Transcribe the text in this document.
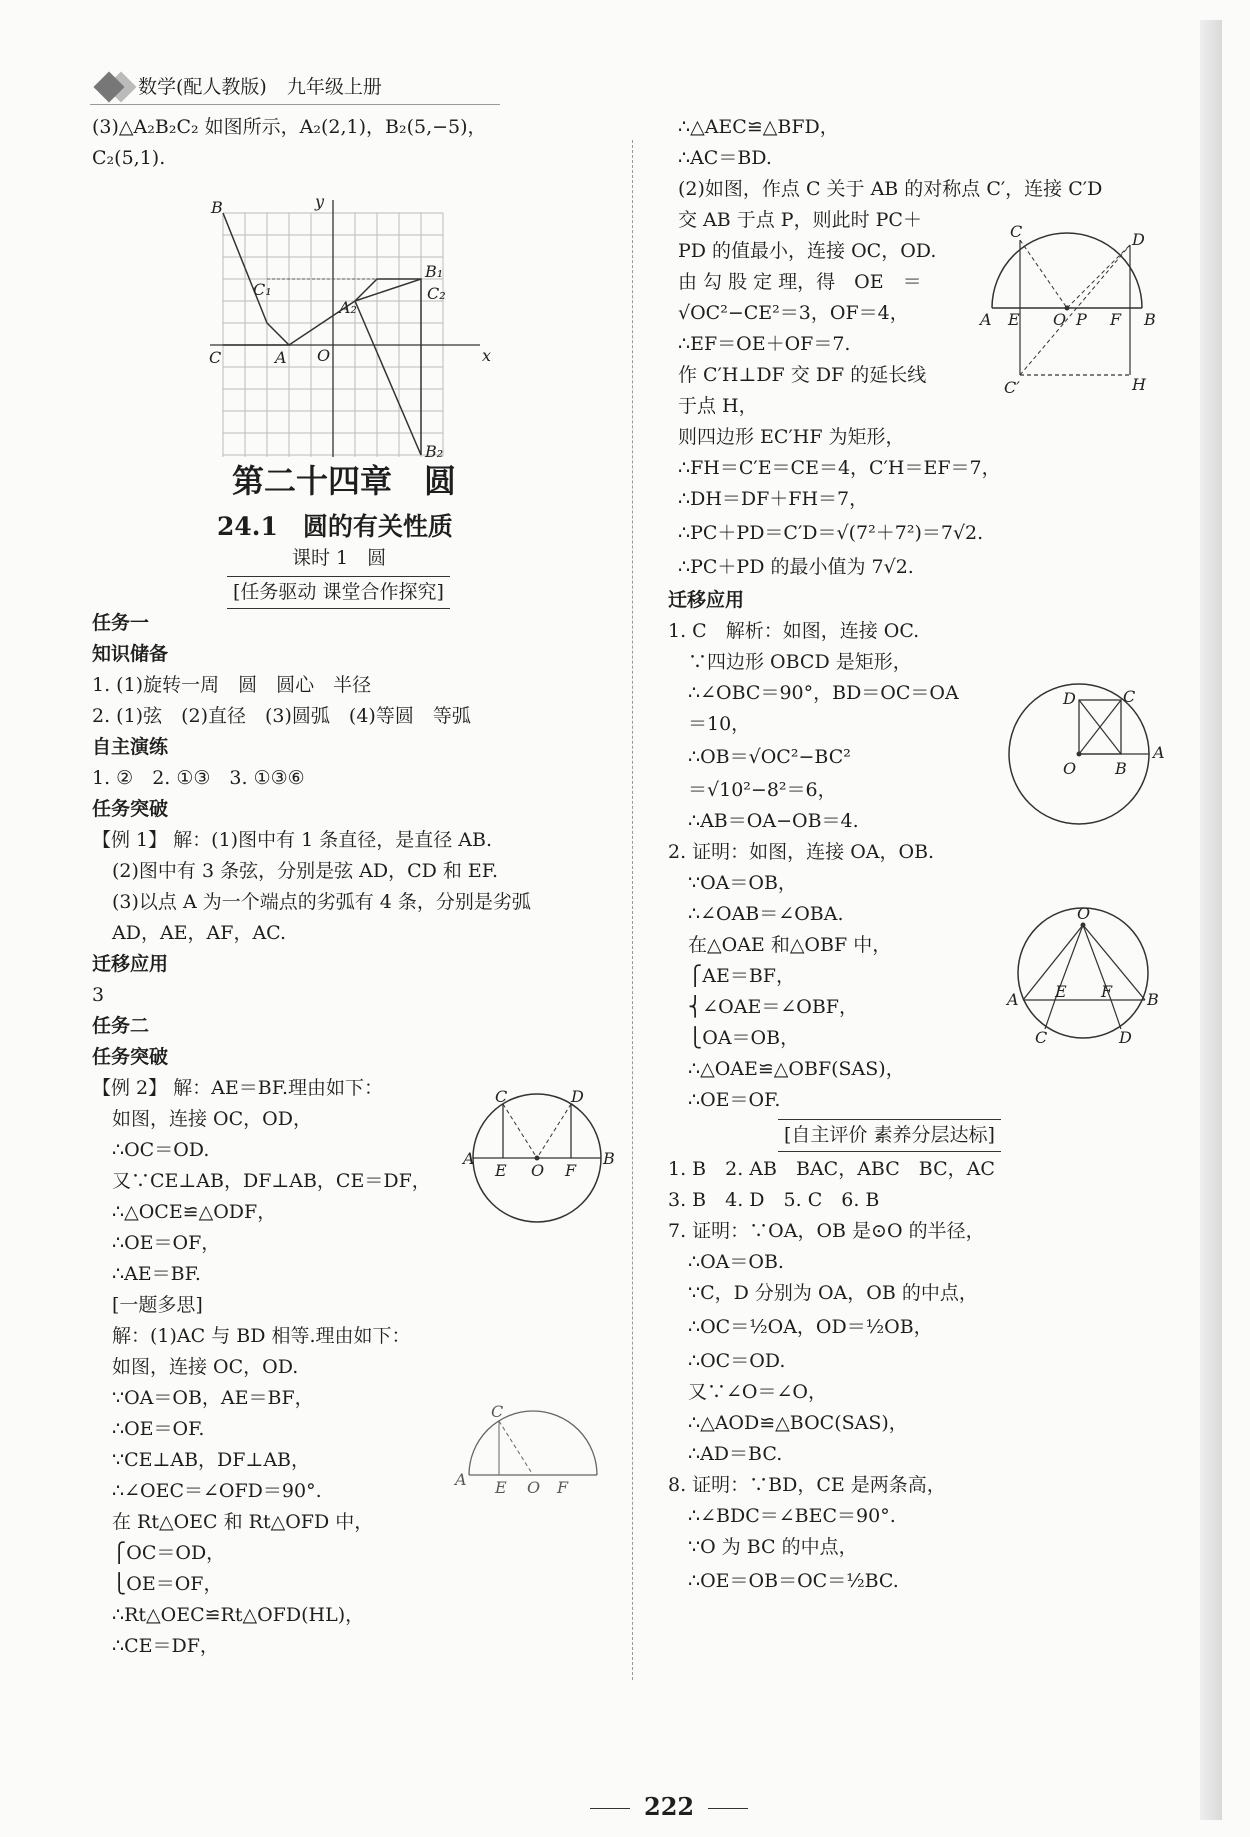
数学(配人教版) 九年级上册
(3)△A₂B₂C₂ 如图所示，A₂(2,1)，B₂(5,−5)，
C₂(5,1).
第二十四章　圆
24.1　圆的有关性质
课时 1　圆
[任务驱动 课堂合作探究]
任务一
知识储备
1. (1)旋转一周　圆　圆心　半径
2. (1)弦　(2)直径　(3)圆弧　(4)等圆　等弧
自主演练
1. ②　2. ①③　3. ①③⑥
任务突破
【例 1】 解：(1)图中有 1 条直径，是直径 AB.
(2)图中有 3 条弦，分别是弦 AD，CD 和 EF.
(3)以点 A 为一个端点的劣弧有 4 条，分别是劣弧
AD，AE，AF，AC.
迁移应用
3
任务二
任务突破
【例 2】 解：AE＝BF.理由如下：
如图，连接 OC，OD，
∴OC＝OD.
又∵CE⊥AB，DF⊥AB，CE＝DF，
∴△OCE≌△ODF，
∴OE＝OF，
∴AE＝BF.
[一题多思]
解：(1)AC 与 BD 相等.理由如下：
如图，连接 OC，OD.
∵OA＝OB，AE＝BF，
∴OE＝OF.
∵CE⊥AB，DF⊥AB，
∴∠OEC＝∠OFD＝90°.
在 Rt△OEC 和 Rt△OFD 中，
⎧OC＝OD，
⎩OE＝OF，
∴Rt△OEC≌Rt△OFD(HL)，
∴CE＝DF，
∴△AEC≌△BFD，
∴AC＝BD.
(2)如图，作点 C 关于 AB 的对称点 C′，连接 C′D
交 AB 于点 P，则此时 PC＋
PD 的值最小，连接 OC，OD.
由 勾 股 定 理，得　OE　＝
√OC²−CE²＝3，OF＝4，
∴EF＝OE＋OF＝7.
作 C′H⊥DF 交 DF 的延长线
于点 H，
则四边形 EC′HF 为矩形，
∴FH＝C′E＝CE＝4，C′H＝EF＝7，
∴DH＝DF＋FH＝7，
∴PC＋PD＝C′D＝√(7²＋7²)＝7√2.
∴PC＋PD 的最小值为 7√2.
迁移应用
1. C　解析：如图，连接 OC.
∵四边形 OBCD 是矩形，
∴∠OBC＝90°，BD＝OC＝OA
＝10，
∴OB＝√OC²−BC²
＝√10²−8²＝6，
∴AB＝OA−OB＝4.
2. 证明：如图，连接 OA，OB.
∵OA＝OB，
∴∠OAB＝∠OBA.
在△OAE 和△OBF 中，
⎧AE＝BF，
⎨∠OAE＝∠OBF，
⎩OA＝OB，
∴△OAE≌△OBF(SAS)，
∴OE＝OF.
[自主评价 素养分层达标]
1. B　2. AB　BAC，ABC　BC，AC
3. B　4. D　5. C　6. B
7. 证明：∵OA，OB 是⊙O 的半径，
∴OA＝OB.
∵C，D 分别为 OA，OB 的中点，
∴OC＝½OA，OD＝½OB，
∴OC＝OD.
又∵∠O＝∠O，
∴△AOD≌△BOC(SAS)，
∴AD＝BC.
8. 证明：∵BD，CE 是两条高，
∴∠BDC＝∠BEC＝90°.
∵O 为 BC 的中点，
∴OE＝OB＝OC＝½BC.
y
x
O
A
B
C
A₂
B₁
C₁
B₂
C₂
C	D
A E O P F B
C′	H
D	C
O B
A
O
A E F B
C	D
C	D
A
E O F
B
C
A E O F
222
